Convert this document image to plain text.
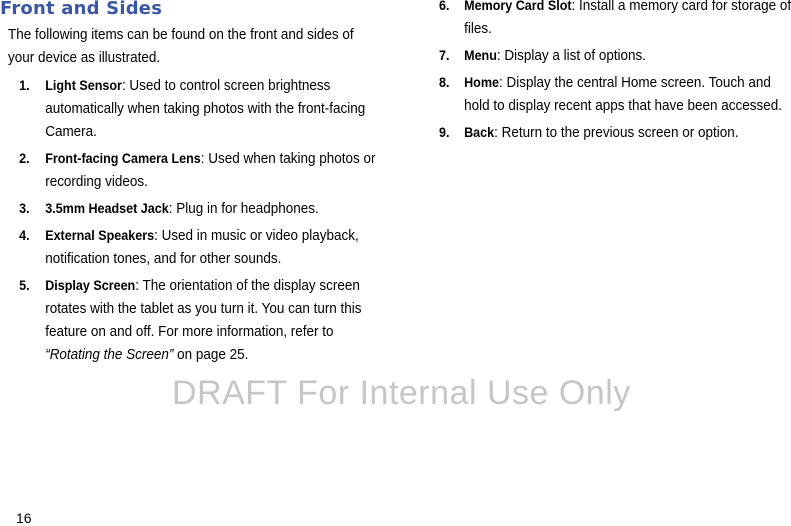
Front and Sides

The following items can be found on the front and sides of your device as illustrated.

1. Light Sensor: Used to control screen brightness automatically when taking photos with the front-facing Camera.
2. Front-facing Camera Lens: Used when taking photos or recording videos.
3. 3.5mm Headset Jack: Plug in for headphones.
4. External Speakers: Used in music or video playback, notification tones, and for other sounds.
5. Display Screen: The orientation of the display screen rotates with the tablet as you turn it. You can turn this feature on and off. For more information, refer to “Rotating the Screen” on page 25.
6. Memory Card Slot: Install a memory card for storage of files.
7. Menu: Display a list of options.
8. Home: Display the central Home screen. Touch and hold to display recent apps that have been accessed.
9. Back: Return to the previous screen or option.
DRAFT For Internal Use Only
16
